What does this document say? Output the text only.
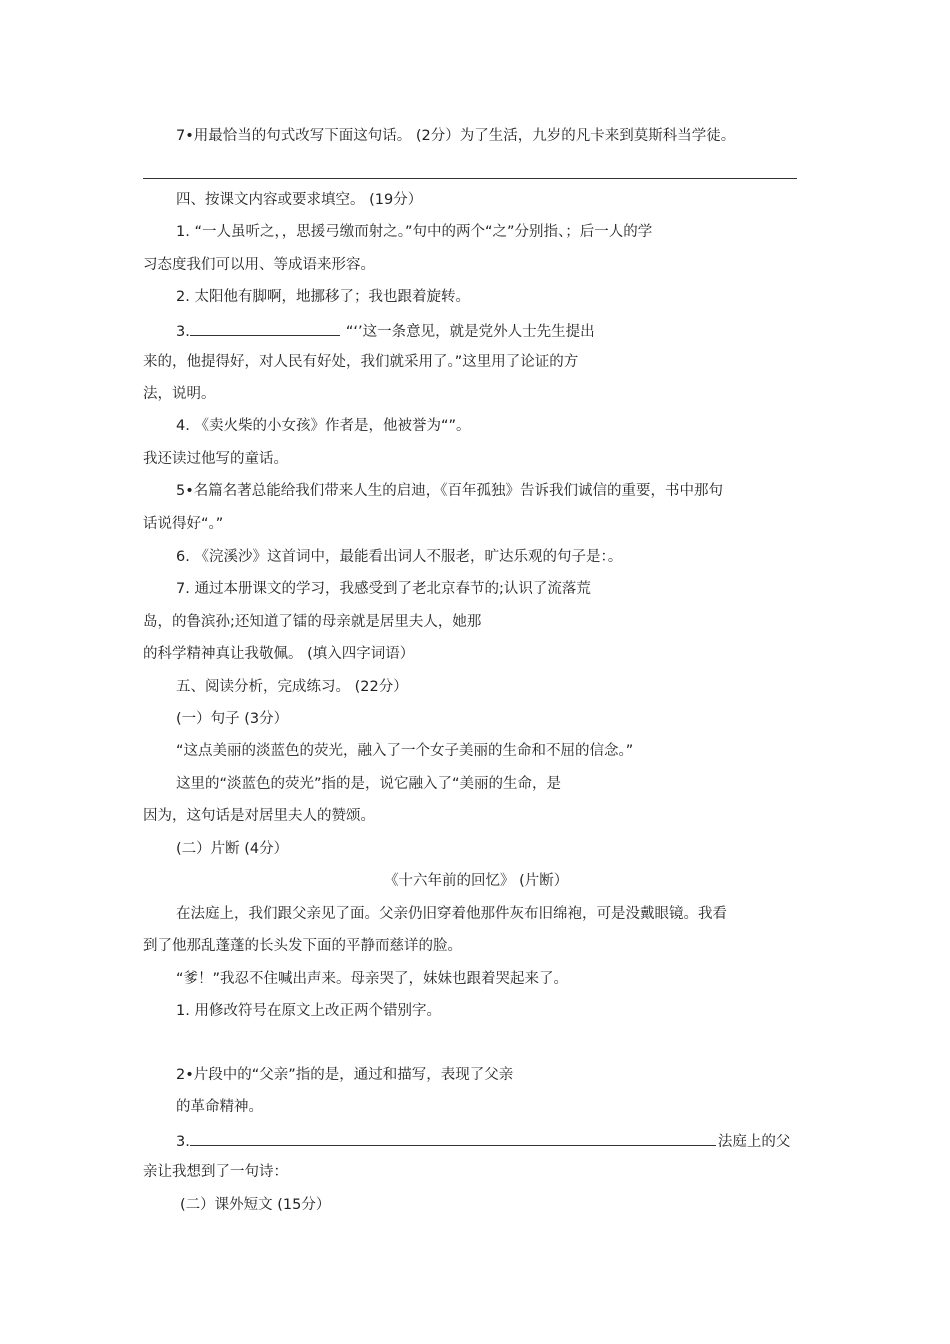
7•用最恰当的句式改写下面这句话。 (2分）为了生活，九岁的凡卡来到莫斯科当学徒。
四、按课文内容或要求填空。 (19分）
1. “一人虽听之，，思援弓缴而射之。”句中的两个“之”分别指、；后一人的学
习态度我们可以用、等成语来形容。
2. 太阳他有脚啊，地挪移了；我也跟着旋转。
3.	“‘’这一条意见，就是党外人士先生提出
来的，他提得好，对人民有好处，我们就采用了。”这里用了论证的方
法，说明。
4. 《卖火柴的小女孩》作者是，他被誉为“”。
我还读过他写的童话。
5•名篇名著总能给我们带来人生的启迪，《百年孤独》告诉我们诚信的重要，书中那句
话说得好“。”
6. 《浣溪沙》这首词中，最能看出词人不服老，旷达乐观的句子是：。
7. 通过本册课文的学习，我感受到了老北京春节的;认识了流落荒
岛，的鲁滨孙;还知道了镭的母亲就是居里夫人，她那
的科学精神真让我敬佩。 (填入四字词语）
五、阅读分析，完成练习。 (22分）
(一）句子 (3分）
“这点美丽的淡蓝色的荧光，融入了一个女子美丽的生命和不屈的信念。”
这里的“淡蓝色的荧光”指的是，说它融入了“美丽的生命，是
因为，这句话是对居里夫人的赞颂。
(二）片断 (4分）
《十六年前的回忆》 (片断）
在法庭上，我们跟父亲见了面。父亲仍旧穿着他那件灰布旧绵袍，可是没戴眼镜。我看
到了他那乱蓬蓬的长头发下面的平静而慈详的脸。
“爹！”我忍不住喊出声来。母亲哭了，妹妹也跟着哭起来了。
1. 用修改符号在原文上改正两个错别字。
2•片段中的“父亲”指的是，通过和描写，表现了父亲
的革命精神。
3.	法庭上的父
亲让我想到了一句诗：
(二）课外短文 (15分）
